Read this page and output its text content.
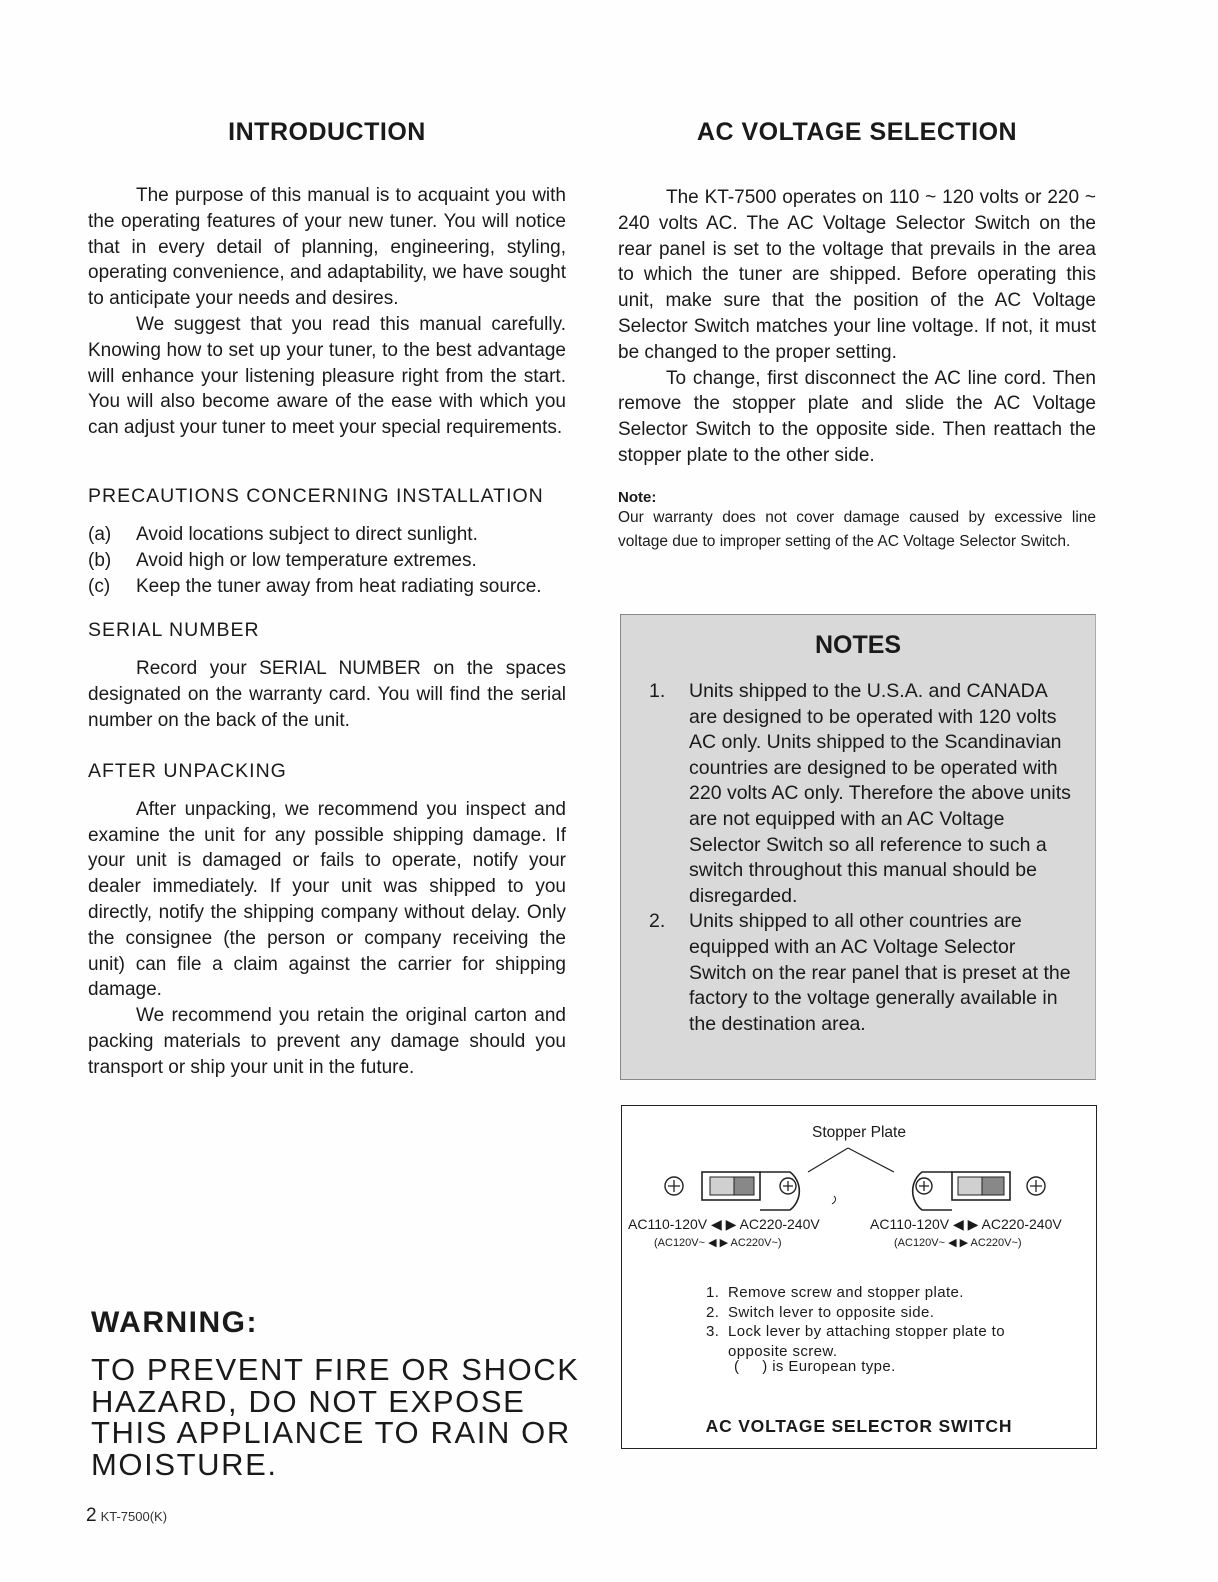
INTRODUCTION

The purpose of this manual is to acquaint you with the operating features of your new tuner. You will notice that in every detail of planning, engineering, styling, operating convenience, and adaptability, we have sought to anticipate your needs and desires.

We suggest that you read this manual carefully. Knowing how to set up your tuner, to the best advantage will enhance your listening pleasure right from the start. You will also become aware of the ease with which you can adjust your tuner to meet your special requirements.

PRECAUTIONS CONCERNING INSTALLATION
(a)	Avoid locations subject to direct sunlight.
(b)	Avoid high or low temperature extremes.
(c)	Keep the tuner away from heat radiating source.
SERIAL NUMBER

Record your SERIAL NUMBER on the spaces designated on the warranty card. You will find the serial number on the back of the unit.

AFTER UNPACKING

After unpacking, we recommend you inspect and examine the unit for any possible shipping damage. If your unit is damaged or fails to operate, notify your dealer immediately. If your unit was shipped to you directly, notify the shipping company without delay. Only the consignee (the person or company receiving the unit) can file a claim against the carrier for shipping damage.

We recommend you retain the original carton and packing materials to prevent any damage should you transport or ship your unit in the future.

WARNING:

TO PREVENT FIRE OR SHOCK HAZARD, DO NOT EXPOSE THIS APPLIANCE TO RAIN OR MOISTURE.

AC VOLTAGE SELECTION

The KT-7500 operates on 110 ~ 120 volts or 220 ~ 240 volts AC. The AC Voltage Selector Switch on the rear panel is set to the voltage that prevails in the area to which the tuner are shipped. Before operating this unit, make sure that the position of the AC Voltage Selector Switch matches your line voltage. If not, it must be changed to the proper setting.

To change, first disconnect the AC line cord. Then remove the stopper plate and slide the AC Voltage Selector Switch to the opposite side. Then reattach the stopper plate to the other side.

Note:

Our warranty does not cover damage caused by excessive line voltage due to improper setting of the AC Voltage Selector Switch.

NOTES
1.	Units shipped to the U.S.A. and CANADA are designed to be operated with 120 volts AC only. Units shipped to the Scandinavian countries are designed to be operated with 220 volts AC only. Therefore the above units are not equipped with an AC Voltage Selector Switch so all reference to such a switch throughout this manual should be disregarded.
2.	Units shipped to all other countries are equipped with an AC Voltage Selector Switch on the rear panel that is preset at the factory to the voltage generally available in the destination area.
Stopper Plate
AC110-120V ◀ ▶ AC220-240V
(AC120V~ ◀ ▶ AC220V~)
AC110-120V ◀ ▶ AC220-240V
(AC120V~ ◀ ▶ AC220V~)
1. Remove screw and stopper plate.
2. Switch lever to opposite side.
3. Lock lever by attaching stopper plate to opposite screw.
(     ) is European type.
AC VOLTAGE SELECTOR SWITCH
2 KT-7500(K)
